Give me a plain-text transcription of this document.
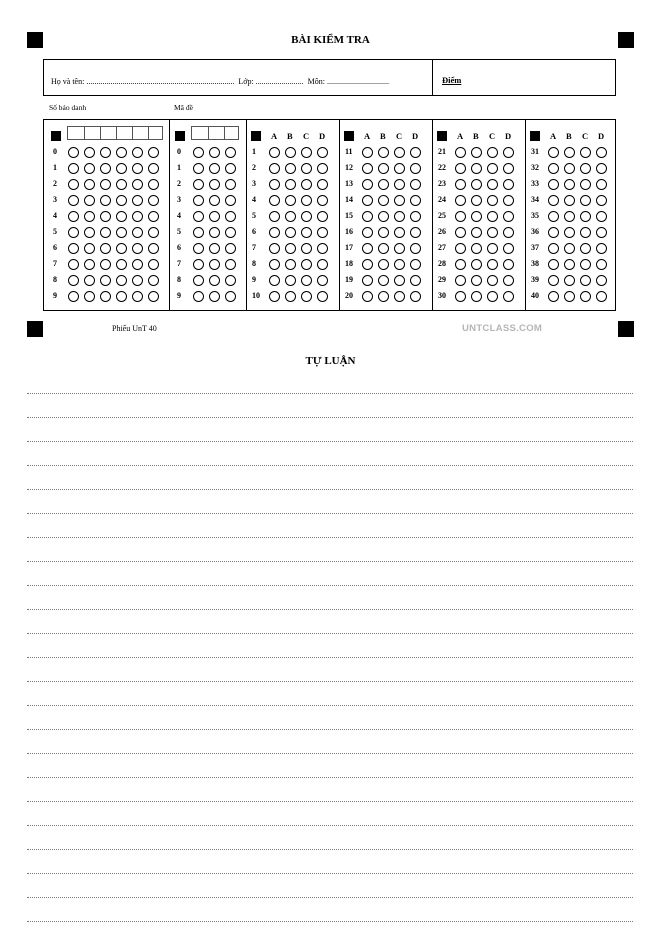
BÀI KIỂM TRA
Họ và tên: .......................................................................... Lớp: ........................ Môn: ...............................	Điểm
Số báo danh	Mã đề
0
1
2
3
4
5
6
7
8
9
0
1
2
3
4
5
6
7
8
9
A B C D
1
2
3
4
5
6
7
8
9
10
A B C D
11
12
13
14
15
16
17
18
19
20
A B C D
21
22
23
24
25
26
27
28
29
30
A B C D
31
32
33
34
35
36
37
38
39
40
Phiếu UnT 40	UNTCLASS.COM
TỰ LUẬN
